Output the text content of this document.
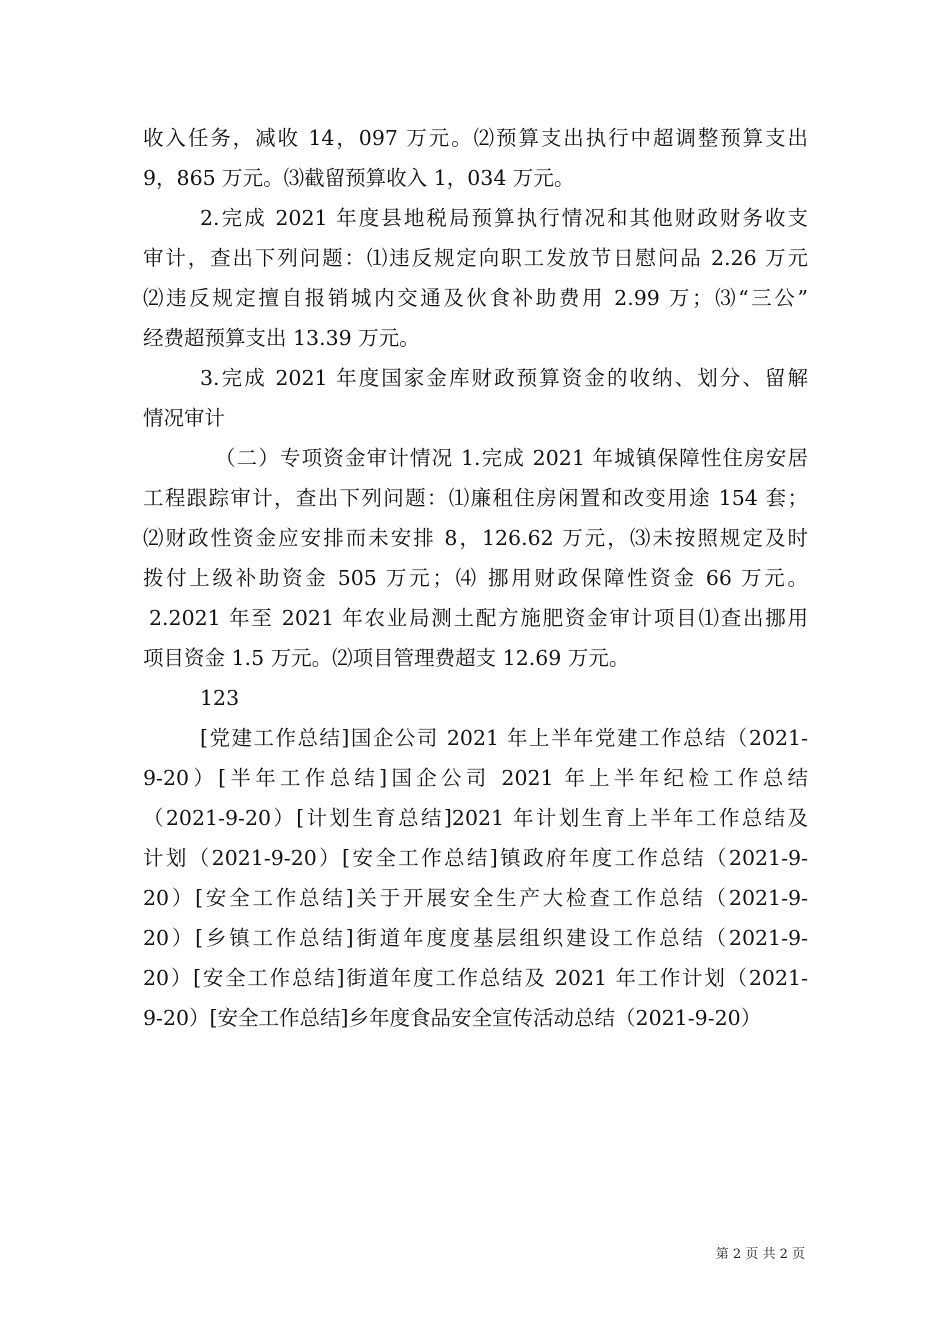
收入任务，减收 14，097 万元。⑵预算支出执行中超调整预算支出
9，865 万元。⑶截留预算收入 1，034 万元。
2.完成 2021 年度县地税局预算执行情况和其他财政财务收支
审计，查出下列问题：⑴违反规定向职工发放节日慰问品 2.26 万元
⑵违反规定擅自报销城内交通及伙食补助费用 2.99 万；⑶“三公”
经费超预算支出 13.39 万元。
3.完成 2021 年度国家金库财政预算资金的收纳、划分、留解
情况审计
（二）专项资金审计情况 1.完成 2021 年城镇保障性住房安居
工程跟踪审计，查出下列问题：⑴廉租住房闲置和改变用途 154 套；
⑵财政性资金应安排而未安排 8，126.62 万元，⑶未按照规定及时
拨付上级补助资金 505 万元；⑷ 挪用财政保障性资金 66 万元。
2.2021 年至 2021 年农业局测土配方施肥资金审计项目⑴查出挪用
项目资金 1.5 万元。⑵项目管理费超支 12.69 万元。
123
[党建工作总结]国企公司 2021 年上半年党建工作总结（2021-
9-20）[半年工作总结]国企公司 2021 年上半年纪检工作总结
（2021-9-20）[计划生育总结]2021 年计划生育上半年工作总结及
计划（2021-9-20）[安全工作总结]镇政府年度工作总结（2021-9-
20）[安全工作总结]关于开展安全生产大检查工作总结（2021-9-
20）[乡镇工作总结]街道年度度基层组织建设工作总结（2021-9-
20）[安全工作总结]街道年度工作总结及 2021 年工作计划（2021-
9-20）[安全工作总结]乡年度食品安全宣传活动总结（2021-9-20）
第 2 页 共 2 页
